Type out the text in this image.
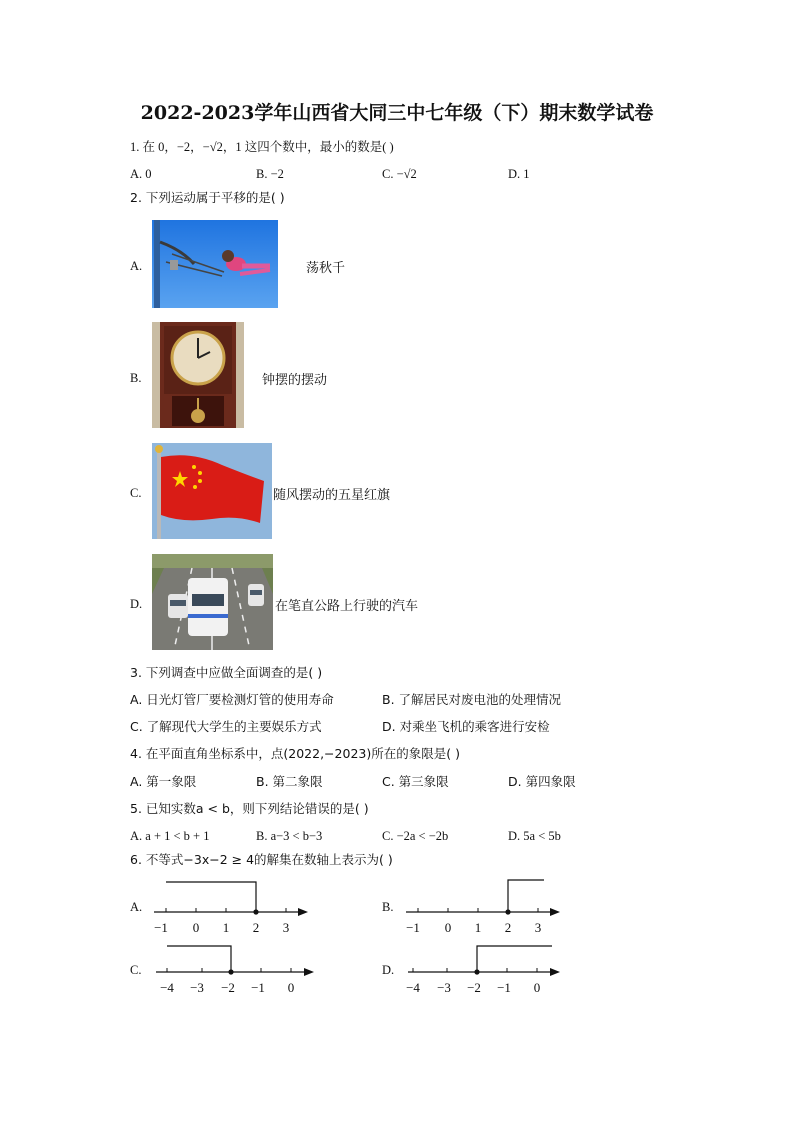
2022-2023学年山西省大同三中七年级（下）期末数学试卷
1. 在 0，−2，−√2，1 这四个数中，最小的数是( )
A. 0	B. −2	C. −√2	D. 1
2. 下列运动属于平移的是( )
A.	荡秋千
B.	钟摆的摆动
C.	随风摆动的五星红旗
D.	在笔直公路上行驶的汽车
3. 下列调查中应做全面调查的是( )
A. 日光灯管厂要检测灯管的使用寿命	B. 了解居民对废电池的处理情况
C. 了解现代大学生的主要娱乐方式	D. 对乘坐飞机的乘客进行安检
4. 在平面直角坐标系中，点(2022,−2023)所在的象限是( )
A. 第一象限	B. 第二象限	C. 第三象限	D. 第四象限
5. 已知实数a < b，则下列结论错误的是( )
A. a + 1 < b + 1	B. a−3 < b−3	C. −2a < −2b	D. 5a < 5b
6. 不等式−3x−2 ≥ 4的解集在数轴上表示为( )
A.
−1 0 1 2 3
B.
−1 0 1 2 3
C.
−4 −3 −2 −1 0
D.
−4 −3 −2 −1 0
